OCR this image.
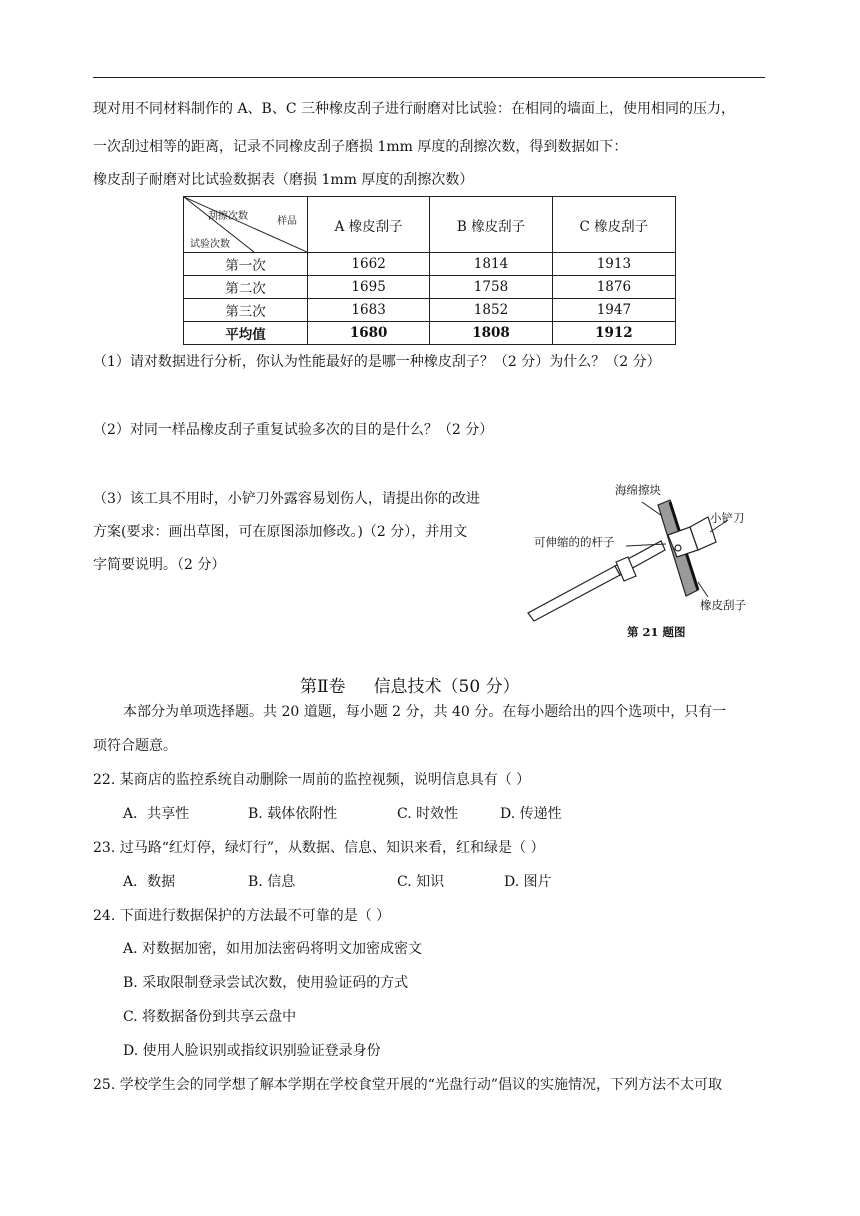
现对用不同材料制作的 A、B、C 三种橡皮刮子进行耐磨对比试验：在相同的墙面上，使用相同的压力，
一次刮过相等的距离，记录不同橡皮刮子磨损 1mm 厚度的刮擦次数，得到数据如下：
橡皮刮子耐磨对比试验数据表（磨损 1mm 厚度的刮擦次数）
刮擦次数 样品
试验次数	A 橡皮刮子	B 橡皮刮子	C 橡皮刮子
第一次	1662	1814	1913
第二次	1695	1758	1876
第三次	1683	1852	1947
平均值	1680	1808	1912
（1）请对数据进行分析，你认为性能最好的是哪一种橡皮刮子？（2 分）为什么？（2 分）
（2）对同一样品橡皮刮子重复试验多次的目的是什么？（2 分）
（3）该工具不用时，小铲刀外露容易划伤人，请提出你的改进
方案(要求：画出草图，可在原图添加修改。)（2 分），并用文
字简要说明。（2 分）
海绵擦块
小铲刀
可伸缩的的杆子
橡皮刮子
第 21 题图
第Ⅱ卷 信息技术（50 分）
本部分为单项选择题。共 20 道题，每小题 2 分，共 40 分。在每小题给出的四个选项中，只有一
项符合题意。
22. 某商店的监控系统自动删除一周前的监控视频，说明信息具有（ ）
A．共享性	B. 载体依附性	C. 时效性	D. 传递性
23. 过马路“红灯停，绿灯行”，从数据、信息、知识来看，红和绿是（ ）
A．数据	B. 信息	C. 知识	D. 图片
24. 下面进行数据保护的方法最不可靠的是（ ）
A. 对数据加密，如用加法密码将明文加密成密文
B. 采取限制登录尝试次数，使用验证码的方式
C. 将数据备份到共享云盘中
D. 使用人脸识别或指纹识别验证登录身份
25. 学校学生会的同学想了解本学期在学校食堂开展的“光盘行动”倡议的实施情况，下列方法不太可取
